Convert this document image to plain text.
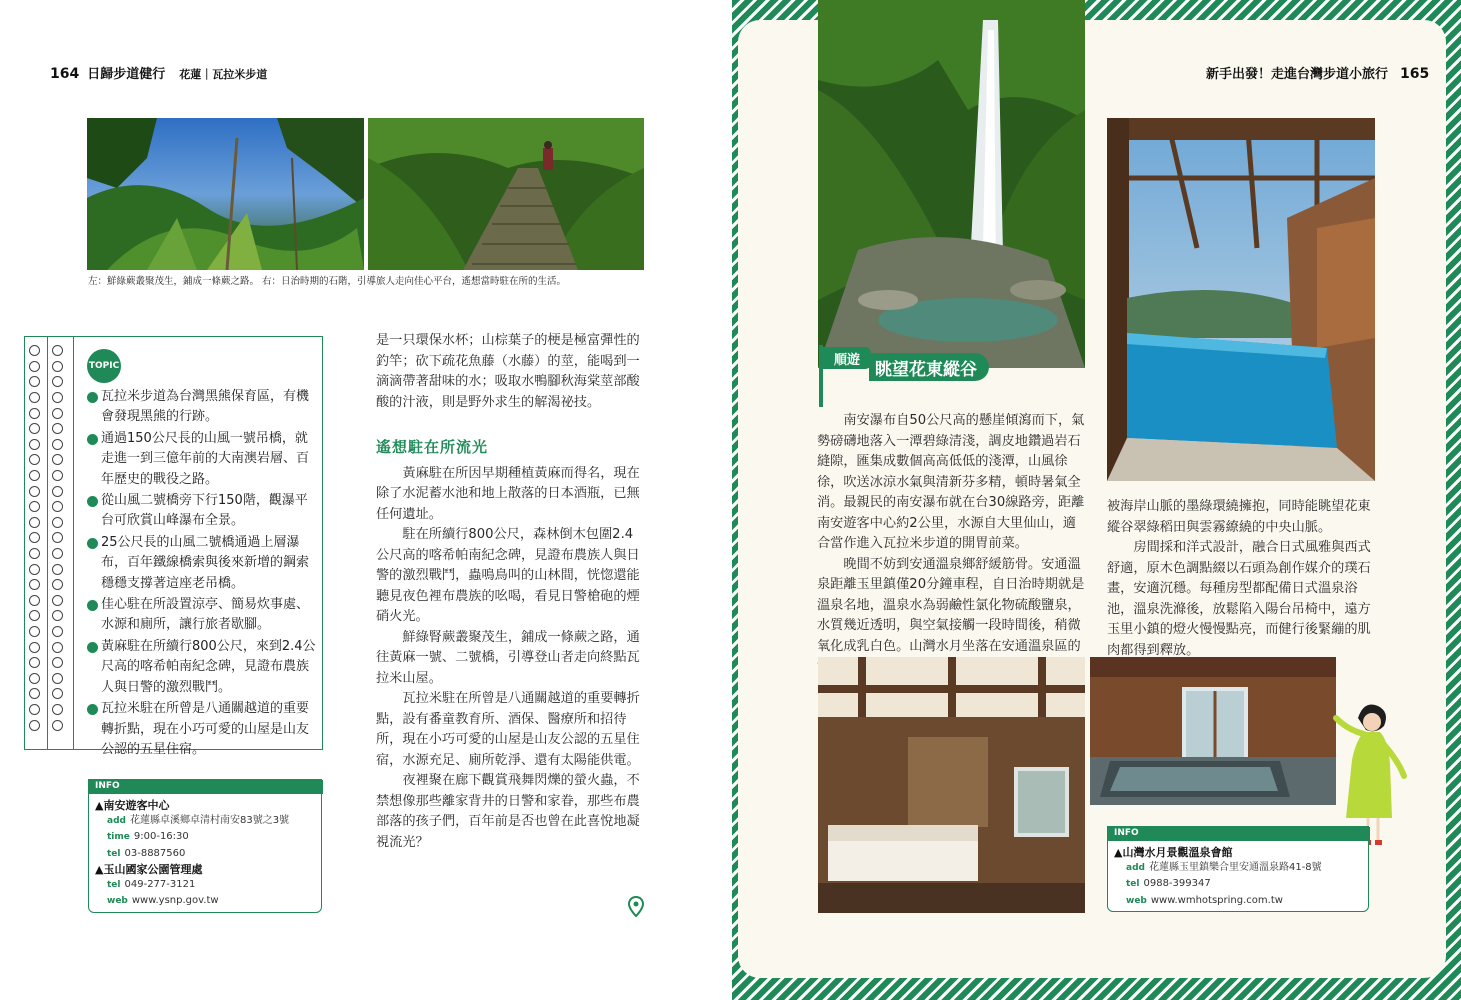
164 日歸步道健行 花蓮｜瓦拉米步道
左：鮮綠蕨叢聚茂生，鋪成一條蕨之路。 右：日治時期的石階，引導旅人走向佳心平台，遙想當時駐在所的生活。
TOPIC
瓦拉米步道為台灣黑熊保育區，有機會發現黑熊的行跡。
通過150公尺長的山風一號吊橋，就走進一到三億年前的大南澳岩層、百年歷史的戰役之路。
從山風二號橋旁下行150階，觀瀑平台可欣賞山峰瀑布全景。
25公尺長的山風二號橋通過上層瀑布，百年鐵線橋索與後來新增的鋼索穩穩支撐著這座老吊橋。
佳心駐在所設置涼亭、簡易炊事處、水源和廁所，讓行旅者歇腳。
黃麻駐在所續行800公尺，來到2.4公尺高的喀希帕南紀念碑，見證布農族人與日警的激烈戰鬥。
瓦拉米駐在所曾是八通關越道的重要轉折點，現在小巧可愛的山屋是山友公認的五星住宿。
INFO
▲南安遊客中心
add 花蓮縣卓溪鄉卓清村南安83號之3號
time 9:00-16:30
tel 03-8887560
▲玉山國家公園管理處
tel 049-277-3121
web www.ysnp.gov.tw

是一只環保水杯；山棕葉子的梗是極富彈性的釣竿；砍下疏花魚藤（水藤）的莖，能喝到一滴滴帶著甜味的水；吸取水鴨腳秋海棠莖部酸酸的汁液，則是野外求生的解渴祕技。

遙想駐在所流光

黃麻駐在所因早期種植黃麻而得名，現在除了水泥蓄水池和地上散落的日本酒瓶，已無任何遺址。

駐在所續行800公尺，森林倒木包圍2.4公尺高的喀希帕南紀念碑，見證布農族人與日警的激烈戰鬥，蟲鳴鳥叫的山林間，恍惚還能聽見夜色裡布農族的吆喝，看見日警槍砲的煙硝火光。

鮮綠腎蕨叢聚茂生，鋪成一條蕨之路，通往黃麻一號、二號橋，引導登山者走向終點瓦拉米山屋。

瓦拉米駐在所曾是八通關越道的重要轉折點，設有番童教育所、酒保、醫療所和招待所，現在小巧可愛的山屋是山友公認的五星住宿，水源充足、廁所乾淨、還有太陽能供電。

夜裡聚在廊下觀賞飛舞閃爍的螢火蟲，不禁想像那些離家背井的日警和家眷，那些布農部落的孩子們，百年前是否也曾在此喜悅地凝視流光？

新手出發！走進台灣步道小旅行 165
順遊 眺望花東縱谷

南安瀑布自50公尺高的懸崖傾瀉而下，氣勢磅礴地落入一潭碧綠清淺，調皮地鑽過岩石縫隙，匯集成數個高高低低的淺潭，山風徐徐，吹送冰涼水氣與清新芬多精，頓時暑氣全消。最親民的南安瀑布就在台30線路旁，距離南安遊客中心約2公里，水源自大里仙山，適合當作進入瓦拉米步道的開胃前菜。

晚間不妨到安通溫泉鄉舒緩筋骨。安通溫泉距離玉里鎮僅20分鐘車程，自日治時期就是溫泉名地，溫泉水為弱鹼性氯化物硫酸鹽泉，水質幾近透明，與空氣接觸一段時間後，稍微氧化成乳白色。山灣水月坐落在安通溫泉區的

被海岸山脈的墨綠環繞擁抱，同時能眺望花東縱谷翠綠稻田與雲霧繚繞的中央山脈。

房間採和洋式設計，融合日式風雅與西式舒適，原木色調點綴以石頭為創作媒介的璞石畫，安適沉穩。每種房型都配備日式溫泉浴池，溫泉洗滌後，放鬆陷入陽台吊椅中，遠方玉里小鎮的燈火慢慢點亮，而健行後緊繃的肌肉都得到釋放。

INFO
▲山灣水月景觀溫泉會館
add 花蓮縣玉里鎮樂合里安通溫泉路41-8號
tel 0988-399347
web www.wmhotspring.com.tw
